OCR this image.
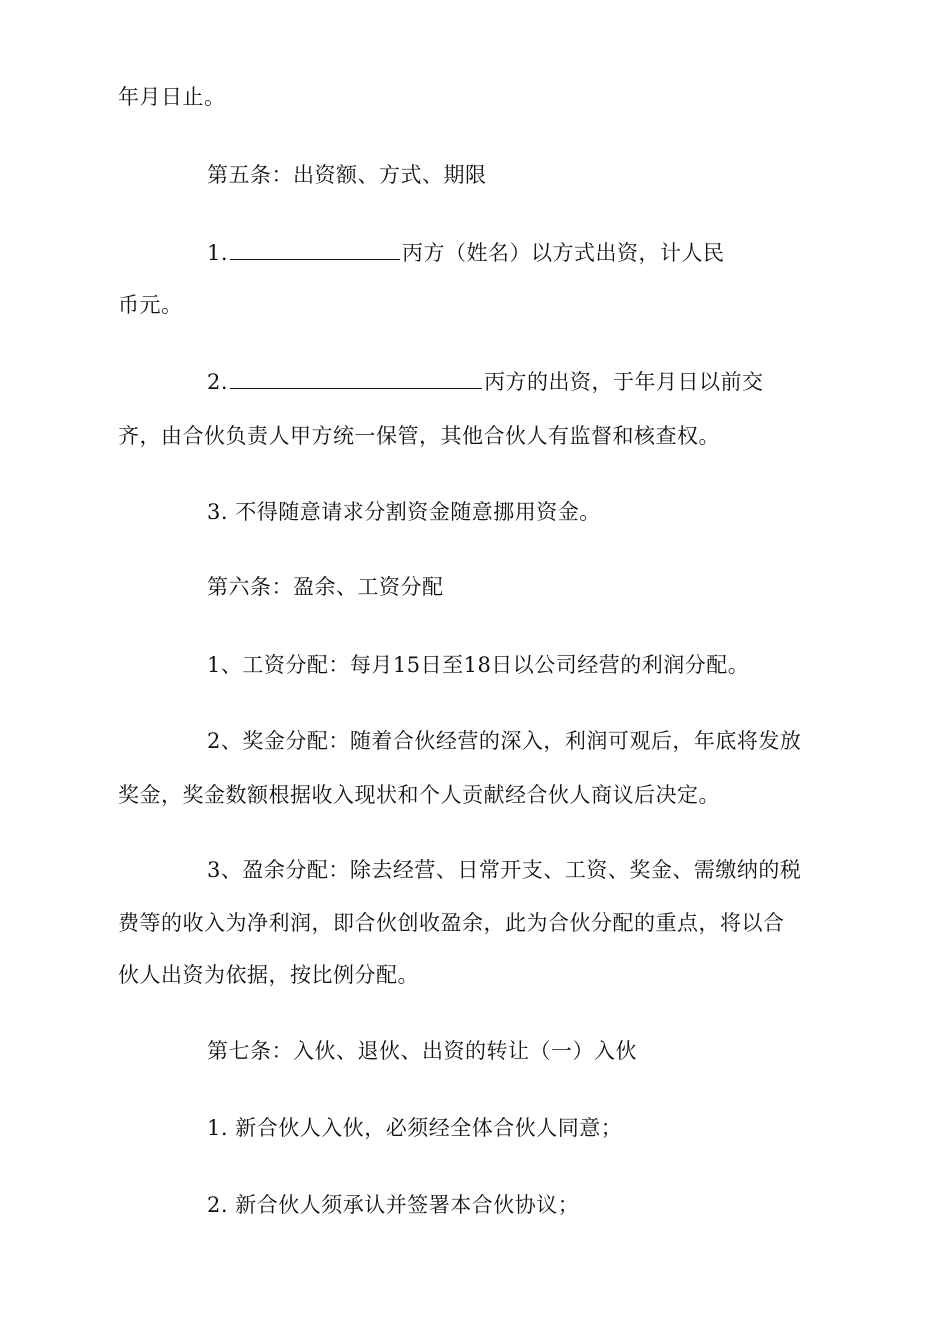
年月日止。
第五条：出资额、方式、期限
1.	丙方（姓名）以方式出资，计人民
币元。
2.	丙方的出资，于年月日以前交
齐，由合伙负责人甲方统一保管，其他合伙人有监督和核查权。
3. 不得随意请求分割资金随意挪用资金。
第六条：盈余、工资分配
1、工资分配：每月15日至18日以公司经营的利润分配。
2、奖金分配：随着合伙经营的深入，利润可观后，年底将发放
奖金，奖金数额根据收入现状和个人贡献经合伙人商议后决定。
3、盈余分配：除去经营、日常开支、工资、奖金、需缴纳的税
费等的收入为净利润，即合伙创收盈余，此为合伙分配的重点，将以合
伙人出资为依据，按比例分配。
第七条：入伙、退伙、出资的转让（一）入伙
1. 新合伙人入伙，必须经全体合伙人同意；
2. 新合伙人须承认并签署本合伙协议；
